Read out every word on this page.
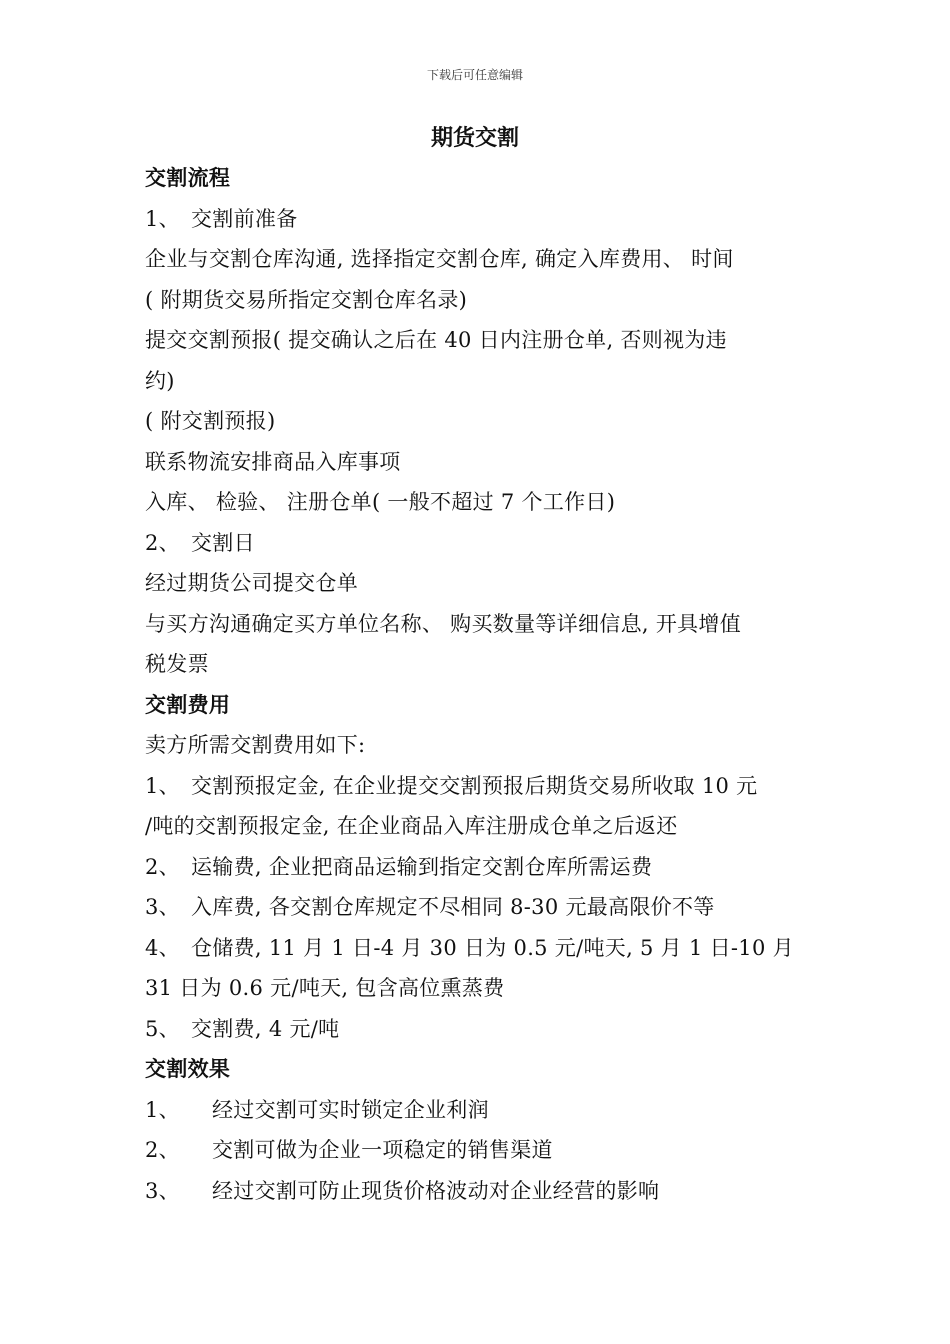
下载后可任意编辑
期货交割
交割流程
1、 交割前准备
企业与交割仓库沟通, 选择指定交割仓库, 确定入库费用、 时间
( 附期货交易所指定交割仓库名录)
提交交割预报( 提交确认之后在 40 日内注册仓单, 否则视为违
约)
( 附交割预报)
联系物流安排商品入库事项
入库、 检验、 注册仓单( 一般不超过 7 个工作日)
2、 交割日
经过期货公司提交仓单
与买方沟通确定买方单位名称、 购买数量等详细信息, 开具增值
税发票
交割费用
卖方所需交割费用如下:
1、 交割预报定金, 在企业提交交割预报后期货交易所收取 10 元
/吨的交割预报定金, 在企业商品入库注册成仓单之后返还
2、 运输费, 企业把商品运输到指定交割仓库所需运费
3、 入库费, 各交割仓库规定不尽相同 8-30 元最高限价不等
4、 仓储费, 11 月 1 日-4 月 30 日为 0.5 元/吨天, 5 月 1 日-10 月
31 日为 0.6 元/吨天, 包含高位熏蒸费
5、 交割费, 4 元/吨
交割效果
1、	经过交割可实时锁定企业利润
2、	交割可做为企业一项稳定的销售渠道
3、	经过交割可防止现货价格波动对企业经营的影响
